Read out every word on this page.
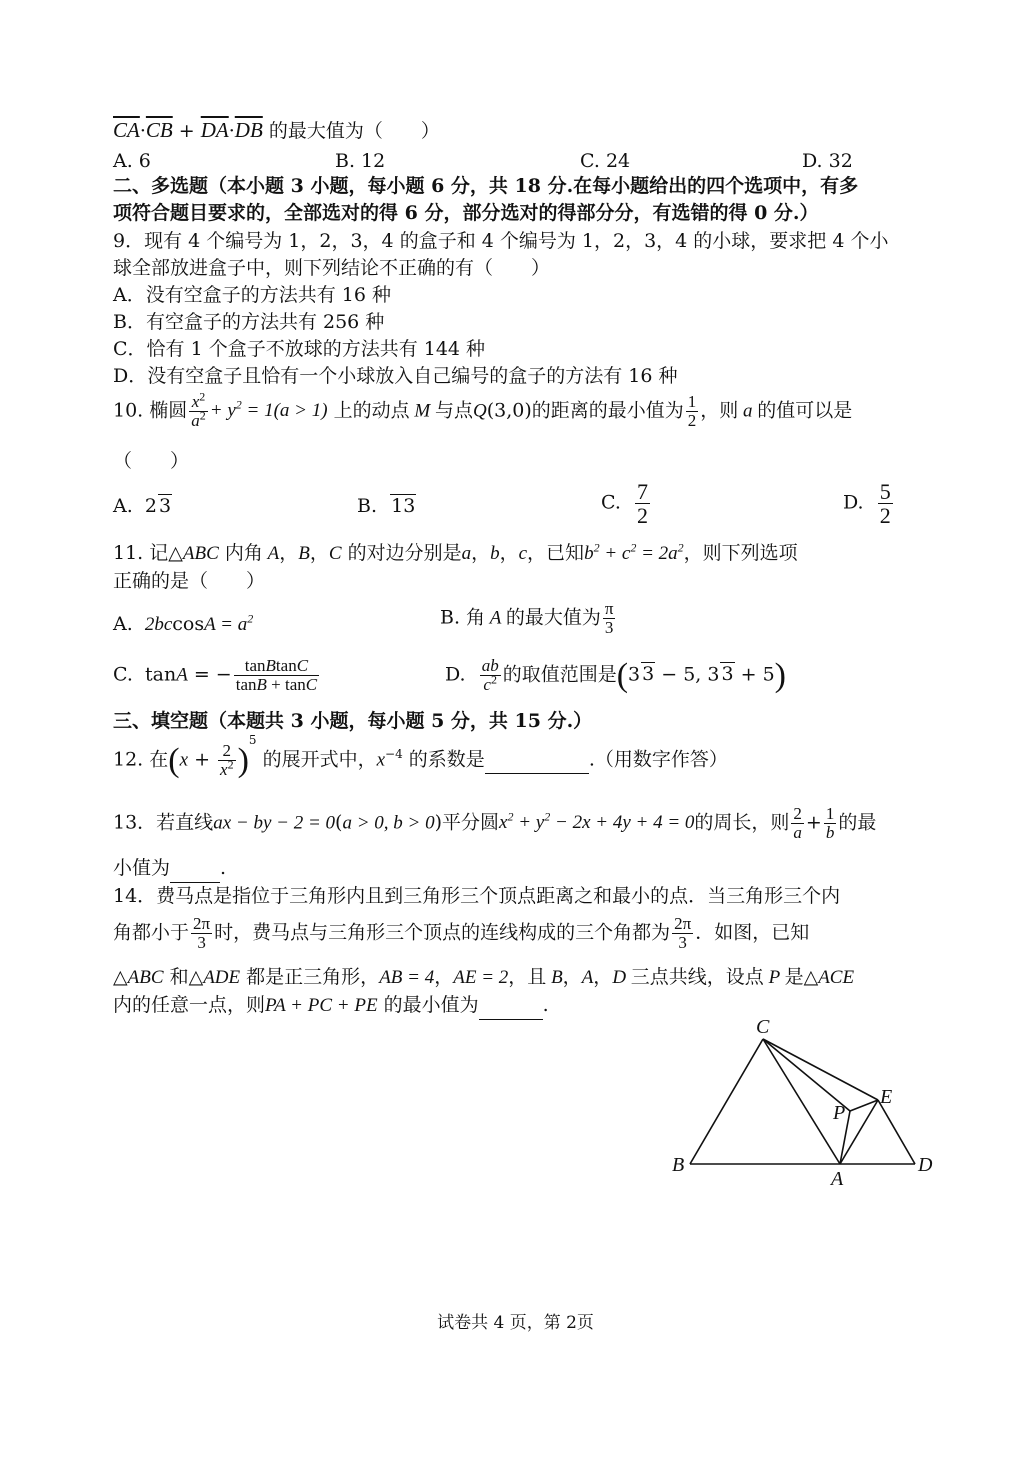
$\overline{CA}\cdot\overline{CB} + \overline{DA}\cdot\overline{DB}$ 的最大值为（　　）
A. 6	B. 12	C. 24	D. 32
二、多选题（本小题 3 小题，每小题 6 分，共 18 分.在每小题给出的四个选项中，有多
项符合题目要求的，全部选对的得 6 分，部分选对的得部分分，有选错的得 0 分.）
9．现有 4 个编号为 1，2，3，4 的盒子和 4 个编号为 1，2，3，4 的小球，要求把 4 个小
球全部放进盒子中，则下列结论不正确的有（　　）
A．没有空盒子的方法共有 16 种
B．有空盒子的方法共有 256 种
C．恰有 1 个盒子不放球的方法共有 144 种
D．没有空盒子且恰有一个小球放入自己编号的盒子的方法有 16 种
10. 椭圆 $\frac{x^2}{a^2} + y^2 = 1(a > 1)$ 上的动点 M 与点Q(3,0)的距离的最小值为 $\frac{1}{2}$ ，则 a 的值可以是
（　　）
A.  2 3	B. 13	C. $\frac{7}{2}$	D. $\frac{5}{2}$
11. 记△ABC 内角 A，B，C 的对边分别是a，b，c，已知$b^2 + c^2 = 2a^2$，则下列选项
正确的是（　　）
A.  $2bccosA = a^2$	B. 角 A 的最大值为 $\frac{\pi}{3}$
C.  tanA = − $\frac{\text{tanBtanC}}{\tan B + \tan C}$	D. $\frac{ab}{c^2}$ 的取值范围是(3 3 − 5, 3 3 + 5)
三、填空题（本题共 3 小题，每小题 5 分，共 15 分.）
12. 在$(x + \frac{2}{x^2} )^5$ 的展开式中，$x^{-4}$ 的系数是	.（用数字作答）
13．若直线ax − by − 2 = 0(a > 0, b > 0)平分圆$x^2 + y^2 - 2x + 4y + 4 = 0$的周长，则 $\frac{2}{a} + \frac{1}{b}$ 的最
小值为	.
14．费马点是指位于三角形内且到三角形三个顶点距离之和最小的点．当三角形三个内
角都小于 $\frac{2\pi}{3}$ 时，费马点与三角形三个顶点的连线构成的三个角都为 $\frac{2\pi}{3}$ ．如图，已知
△ABC 和△ADE 都是正三角形，AB = 4，AE = 2，且 B，A，D 三点共线，设点 P 是△ACE
内的任意一点，则PA + PC + PE 的最小值为	.
C
E
P
B
A
D
试卷共 4 页，第 2页
